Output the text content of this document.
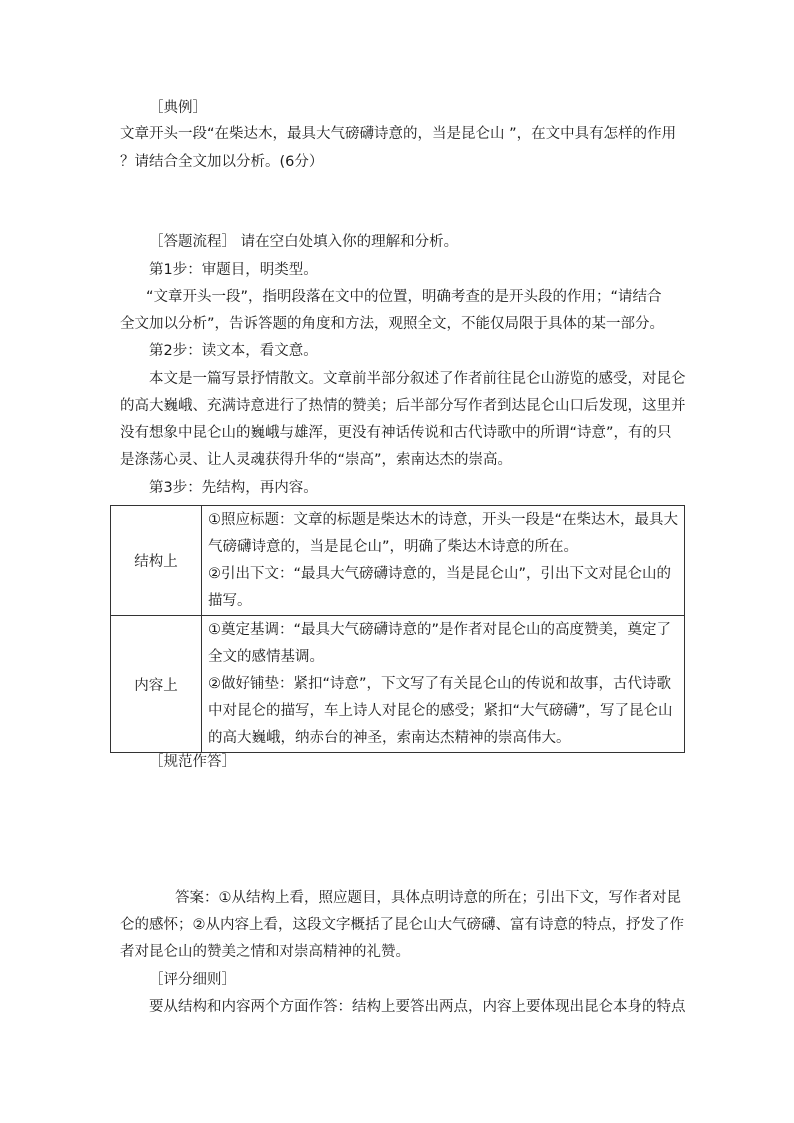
［典例］
文章开头一段“在柴达木，最具大气磅礴诗意的，当是昆仑山 ”，在文中具有怎样的作用
？请结合全文加以分析。(6分）
［答题流程］ 请在空白处填入你的理解和分析。
第1步：审题目，明类型。
“文章开头一段”，指明段落在文中的位置，明确考查的是开头段的作用；“请结合
全文加以分析”，告诉答题的角度和方法，观照全文，不能仅局限于具体的某一部分。
第2步：读文本，看文意。
本文是一篇写景抒情散文。文章前半部分叙述了作者前往昆仑山游览的感受，对昆仑
的高大巍峨、充满诗意进行了热情的赞美；后半部分写作者到达昆仑山口后发现，这里并
没有想象中昆仑山的巍峨与雄浑，更没有神话传说和古代诗歌中的所谓“诗意”，有的只
是涤荡心灵、让人灵魂获得升华的“崇高”，索南达杰的崇高。
第3步：先结构，再内容。
结构上	①照应标题：文章的标题是柴达木的诗意，开头一段是“在柴达木，最具大
气磅礴诗意的，当是昆仑山”，明确了柴达木诗意的所在。
②引出下文：“最具大气磅礴诗意的，当是昆仑山”，引出下文对昆仑山的
描写。

内容上	①奠定基调：“最具大气磅礴诗意的”是作者对昆仑山的高度赞美，奠定了
全文的感情基调。
②做好铺垫：紧扣“诗意”，下文写了有关昆仑山的传说和故事，古代诗歌
中对昆仑的描写，车上诗人对昆仑的感受；紧扣“大气磅礴”，写了昆仑山
的高大巍峨，纳赤台的神圣，索南达杰精神的崇高伟大。
［规范作答］
答案：①从结构上看，照应题目，具体点明诗意的所在；引出下文，写作者对昆
仑的感怀；②从内容上看，这段文字概括了昆仑山大气磅礴、富有诗意的特点，抒发了作
者对昆仑山的赞美之情和对崇高精神的礼赞。
［评分细则］
要从结构和内容两个方面作答：结构上要答出两点，内容上要体现出昆仑本身的特点
